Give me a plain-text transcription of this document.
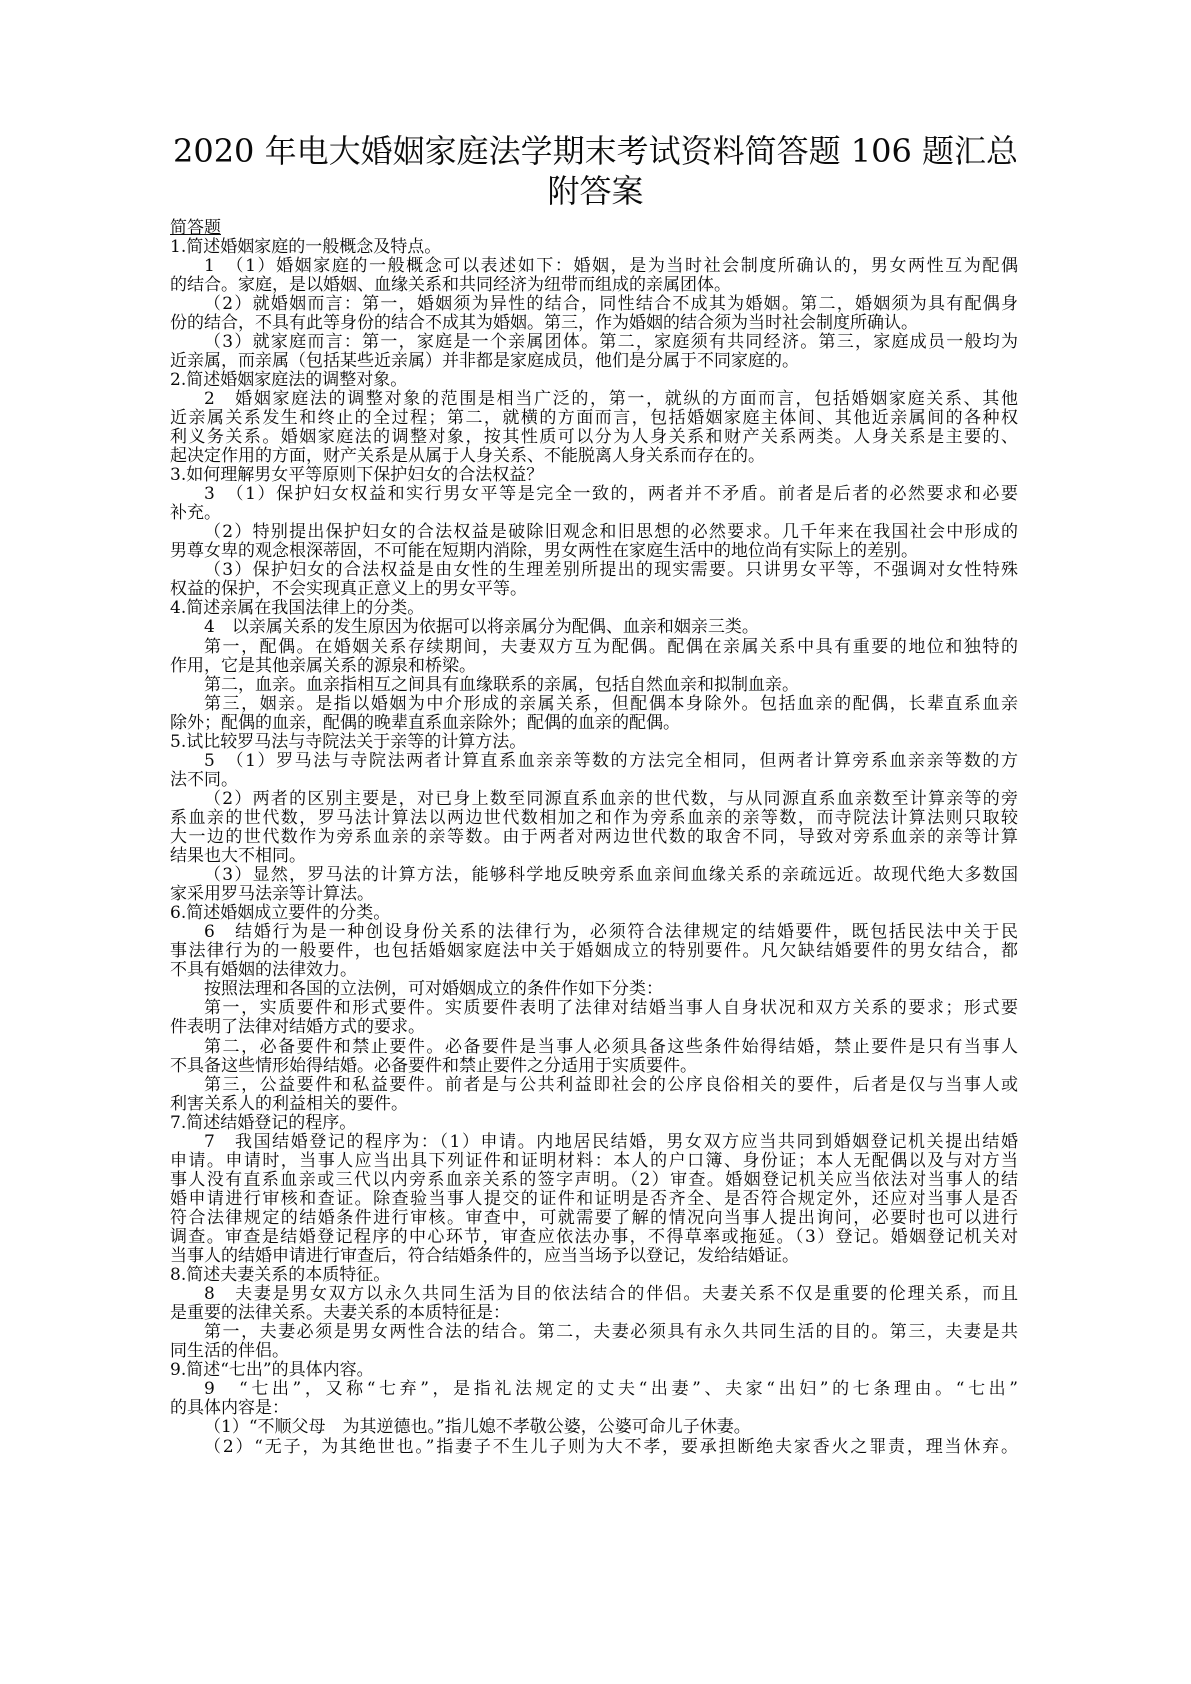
2020 年电大婚姻家庭法学期末考试资料简答题 106 题汇总
附答案
简答题
1.简述婚姻家庭的一般概念及特点。
1　（1）婚姻家庭的一般概念可以表述如下：婚姻，是为当时社会制度所确认的，男女两性互为配偶
的结合。家庭，是以婚姻、血缘关系和共同经济为纽带而组成的亲属团体。
（2）就婚姻而言：第一，婚姻须为异性的结合，同性结合不成其为婚姻。第二，婚姻须为具有配偶身
份的结合，不具有此等身份的结合不成其为婚姻。第三，作为婚姻的结合须为当时社会制度所确认。
（3）就家庭而言：第一，家庭是一个亲属团体。第二，家庭须有共同经济。第三，家庭成员一般均为
近亲属，而亲属（包括某些近亲属）并非都是家庭成员，他们是分属于不同家庭的。
2.简述婚姻家庭法的调整对象。
2　婚姻家庭法的调整对象的范围是相当广泛的，第一，就纵的方面而言，包括婚姻家庭关系、其他
近亲属关系发生和终止的全过程；第二，就横的方面而言，包括婚姻家庭主体间、其他近亲属间的各种权
利义务关系。婚姻家庭法的调整对象，按其性质可以分为人身关系和财产关系两类。人身关系是主要的、
起决定作用的方面，财产关系是从属于人身关系、不能脱离人身关系而存在的。
3.如何理解男女平等原则下保护妇女的合法权益？
3　（1）保护妇女权益和实行男女平等是完全一致的，两者并不矛盾。前者是后者的必然要求和必要
补充。
（2）特别提出保护妇女的合法权益是破除旧观念和旧思想的必然要求。几千年来在我国社会中形成的
男尊女卑的观念根深蒂固，不可能在短期内消除，男女两性在家庭生活中的地位尚有实际上的差别。
（3）保护妇女的合法权益是由女性的生理差别所提出的现实需要。只讲男女平等，不强调对女性特殊
权益的保护，不会实现真正意义上的男女平等。
4.简述亲属在我国法律上的分类。
4　以亲属关系的发生原因为依据可以将亲属分为配偶、血亲和姻亲三类。
第一，配偶。在婚姻关系存续期间，夫妻双方互为配偶。配偶在亲属关系中具有重要的地位和独特的
作用，它是其他亲属关系的源泉和桥梁。
第二，血亲。血亲指相互之间具有血缘联系的亲属，包括自然血亲和拟制血亲。
第三，姻亲。是指以婚姻为中介形成的亲属关系，但配偶本身除外。包括血亲的配偶，长辈直系血亲
除外；配偶的血亲，配偶的晚辈直系血亲除外；配偶的血亲的配偶。
5.试比较罗马法与寺院法关于亲等的计算方法。
5　（1）罗马法与寺院法两者计算直系血亲亲等数的方法完全相同，但两者计算旁系血亲亲等数的方
法不同。
（2）两者的区别主要是，对已身上数至同源直系血亲的世代数，与从同源直系血亲数至计算亲等的旁
系血亲的世代数，罗马法计算法以两边世代数相加之和作为旁系血亲的亲等数，而寺院法计算法则只取较
大一边的世代数作为旁系血亲的亲等数。由于两者对两边世代数的取舍不同，导致对旁系血亲的亲等计算
结果也大不相同。
（3）显然，罗马法的计算方法，能够科学地反映旁系血亲间血缘关系的亲疏远近。故现代绝大多数国
家采用罗马法亲等计算法。
6.简述婚姻成立要件的分类。
6　结婚行为是一种创设身份关系的法律行为，必须符合法律规定的结婚要件，既包括民法中关于民
事法律行为的一般要件，也包括婚姻家庭法中关于婚姻成立的特别要件。凡欠缺结婚要件的男女结合，都
不具有婚姻的法律效力。
按照法理和各国的立法例，可对婚姻成立的条件作如下分类：
第一，实质要件和形式要件。实质要件表明了法律对结婚当事人自身状况和双方关系的要求；形式要
件表明了法律对结婚方式的要求。
第二，必备要件和禁止要件。必备要件是当事人必须具备这些条件始得结婚，禁止要件是只有当事人
不具备这些情形始得结婚。必备要件和禁止要件之分适用于实质要件。
第三，公益要件和私益要件。前者是与公共利益即社会的公序良俗相关的要件，后者是仅与当事人或
利害关系人的利益相关的要件。
7.简述结婚登记的程序。
7　我国结婚登记的程序为：（1）申请。内地居民结婚，男女双方应当共同到婚姻登记机关提出结婚
申请。申请时，当事人应当出具下列证件和证明材料：本人的户口簿、身份证；本人无配偶以及与对方当
事人没有直系血亲或三代以内旁系血亲关系的签字声明。（2）审查。婚姻登记机关应当依法对当事人的结
婚申请进行审核和查证。除查验当事人提交的证件和证明是否齐全、是否符合规定外，还应对当事人是否
符合法律规定的结婚条件进行审核。审查中，可就需要了解的情况向当事人提出询问，必要时也可以进行
调查。审查是结婚登记程序的中心环节，审查应依法办事，不得草率或拖延。（3）登记。婚姻登记机关对
当事人的结婚申请进行审查后，符合结婚条件的，应当当场予以登记，发给结婚证。
8.简述夫妻关系的本质特征。
8　夫妻是男女双方以永久共同生活为目的依法结合的伴侣。夫妻关系不仅是重要的伦理关系，而且
是重要的法律关系。夫妻关系的本质特征是：
第一，夫妻必须是男女两性合法的结合。第二，夫妻必须具有永久共同生活的目的。第三，夫妻是共
同生活的伴侣。
9.简述“七出”的具体内容。
9　“七出”，又称“七弃”，是指礼法规定的丈夫“出妻”、夫家“出妇”的七条理由。“七出”
的具体内容是：
（1）“不顺父母　为其逆德也。”指儿媳不孝敬公婆，公婆可命儿子休妻。
（2）“无子，为其绝世也。”指妻子不生儿子则为大不孝，要承担断绝夫家香火之罪责，理当休弃。
